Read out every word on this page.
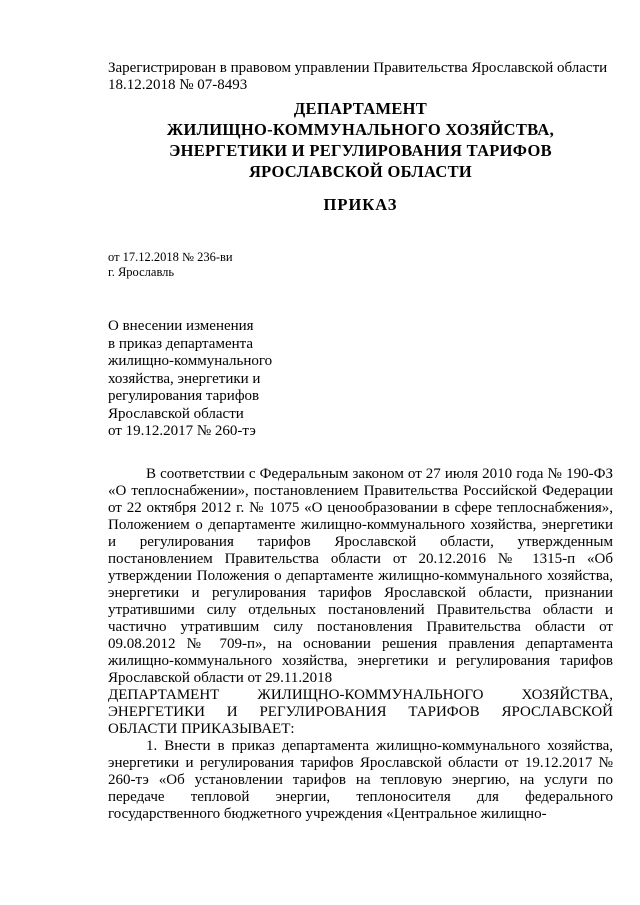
Зарегистрирован в правовом управлении Правительства Ярославской области
18.12.2018 № 07-8493
ДЕПАРТАМЕНТ
ЖИЛИЩНО-КОММУНАЛЬНОГО ХОЗЯЙСТВА,
ЭНЕРГЕТИКИ И РЕГУЛИРОВАНИЯ ТАРИФОВ
ЯРОСЛАВСКОЙ ОБЛАСТИ
ПРИКАЗ
от 17.12.2018 № 236-ви
г. Ярославль
О внесении изменения
в приказ департамента
жилищно-коммунального
хозяйства, энергетики и
регулирования тарифов
Ярославской области
от 19.12.2017 № 260-тэ

В соответствии с Федеральным законом от 27 июля 2010 года № 190-ФЗ «О теплоснабжении», постановлением Правительства Российской Федерации от 22 октября 2012 г. № 1075 «О ценообразовании в сфере теплоснабжения», Положением о департаменте жилищно-коммунального хозяйства, энергетики и регулирования тарифов Ярославской области, утвержденным постановлением Правительства области от 20.12.2016 № 1315-п «Об утверждении Положения о департаменте жилищно-коммунального хозяйства, энергетики и регулирования тарифов Ярославской области, признании утратившими силу отдельных постановлений Правительства области и частично утратившим силу постановления Правительства области от 09.08.2012 № 709-п», на основании решения правления департамента жилищно-коммунального хозяйства, энергетики и регулирования тарифов Ярославской области от 29.11.2018

ДЕПАРТАМЕНТ ЖИЛИЩНО-КОММУНАЛЬНОГО ХОЗЯЙСТВА,

ЭНЕРГЕТИКИ И РЕГУЛИРОВАНИЯ ТАРИФОВ ЯРОСЛАВСКОЙ

ОБЛАСТИ ПРИКАЗЫВАЕТ:

1. Внести в приказ департамента жилищно-коммунального хозяйства, энергетики и регулирования тарифов Ярославской области от 19.12.2017 № 260-тэ «Об установлении тарифов на тепловую энергию, на услуги по передаче тепловой энергии, теплоносителя для федерального государственного бюджетного учреждения «Центральное жилищно-
